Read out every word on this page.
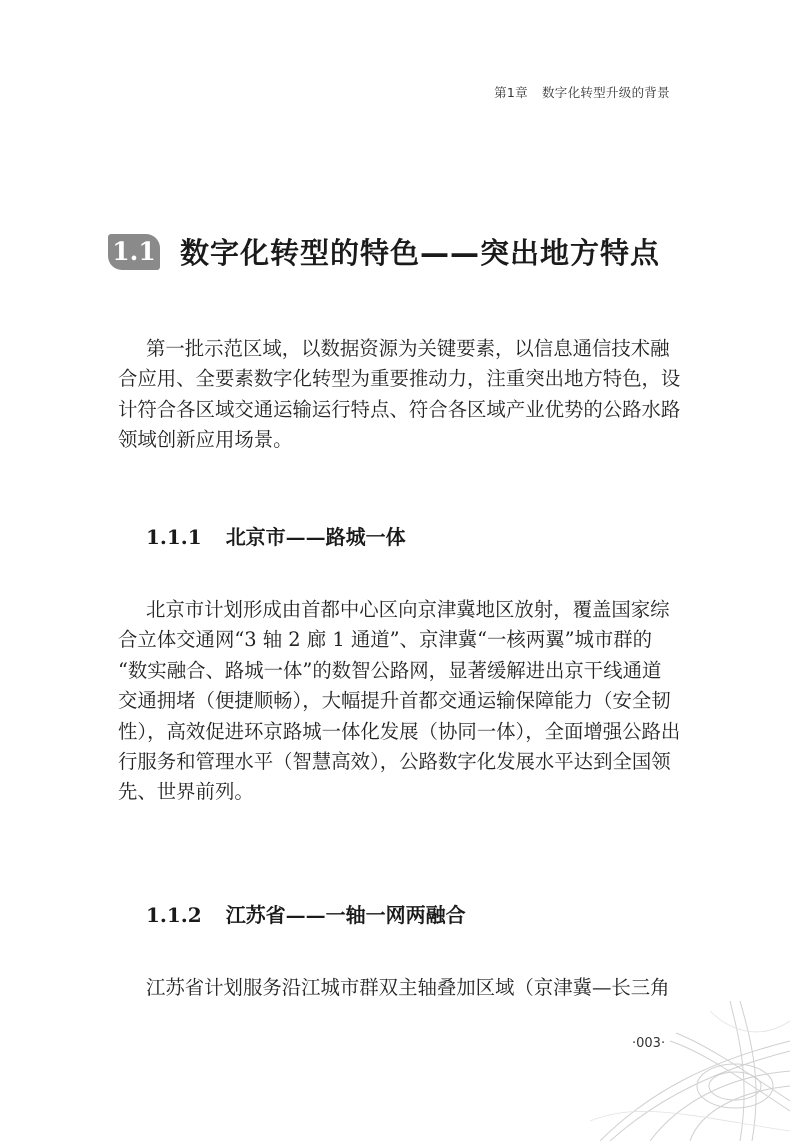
第1章 数字化转型升级的背景
1.1 数字化转型的特色——突出地方特点
第一批示范区域，以数据资源为关键要素，以信息通信技术融
合应用、全要素数字化转型为重要推动力，注重突出地方特色，设
计符合各区域交通运输运行特点、符合各区域产业优势的公路水路
领域创新应用场景。
1.1.1 北京市——路城一体
北京市计划形成由首都中心区向京津冀地区放射，覆盖国家综
合立体交通网“3 轴 2 廊 1 通道”、京津冀“一核两翼”城市群的
“数实融合、路城一体”的数智公路网，显著缓解进出京干线通道
交通拥堵（便捷顺畅），大幅提升首都交通运输保障能力（安全韧
性），高效促进环京路城一体化发展（协同一体），全面增强公路出
行服务和管理水平（智慧高效），公路数字化发展水平达到全国领
先、世界前列。
1.1.2 江苏省——一轴一网两融合
江苏省计划服务沿江城市群双主轴叠加区域（京津冀—长三角
·003·
